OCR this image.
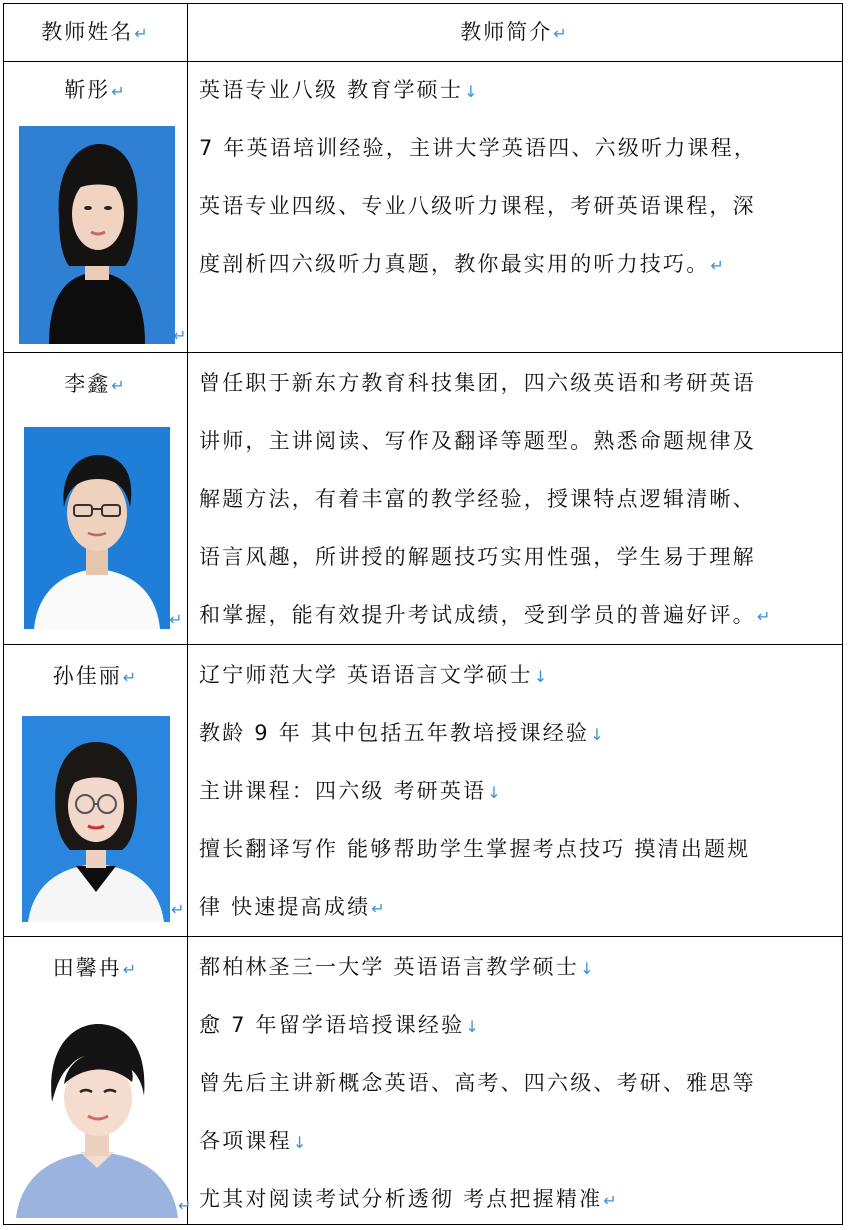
教师姓名↵	教师简介↵
靳彤↵
↵
英语专业八级 教育学硕士↓
7 年英语培训经验，主讲大学英语四、六级听力课程，
英语专业四级、专业八级听力课程，考研英语课程，深
度剖析四六级听力真题，教你最实用的听力技巧。↵
李鑫↵
↵
曾任职于新东方教育科技集团，四六级英语和考研英语
讲师，主讲阅读、写作及翻译等题型。熟悉命题规律及
解题方法，有着丰富的教学经验，授课特点逻辑清晰、
语言风趣，所讲授的解题技巧实用性强，学生易于理解
和掌握，能有效提升考试成绩，受到学员的普遍好评。↵
孙佳丽↵
↵
辽宁师范大学 英语语言文学硕士↓
教龄 9 年 其中包括五年教培授课经验↓
主讲课程：四六级 考研英语↓
擅长翻译写作 能够帮助学生掌握考点技巧 摸清出题规
律 快速提高成绩↵
田馨冉↵
↵
都柏林圣三一大学 英语语言教学硕士↓
愈 7 年留学语培授课经验↓
曾先后主讲新概念英语、高考、四六级、考研、雅思等
各项课程↓
尤其对阅读考试分析透彻 考点把握精准↵
